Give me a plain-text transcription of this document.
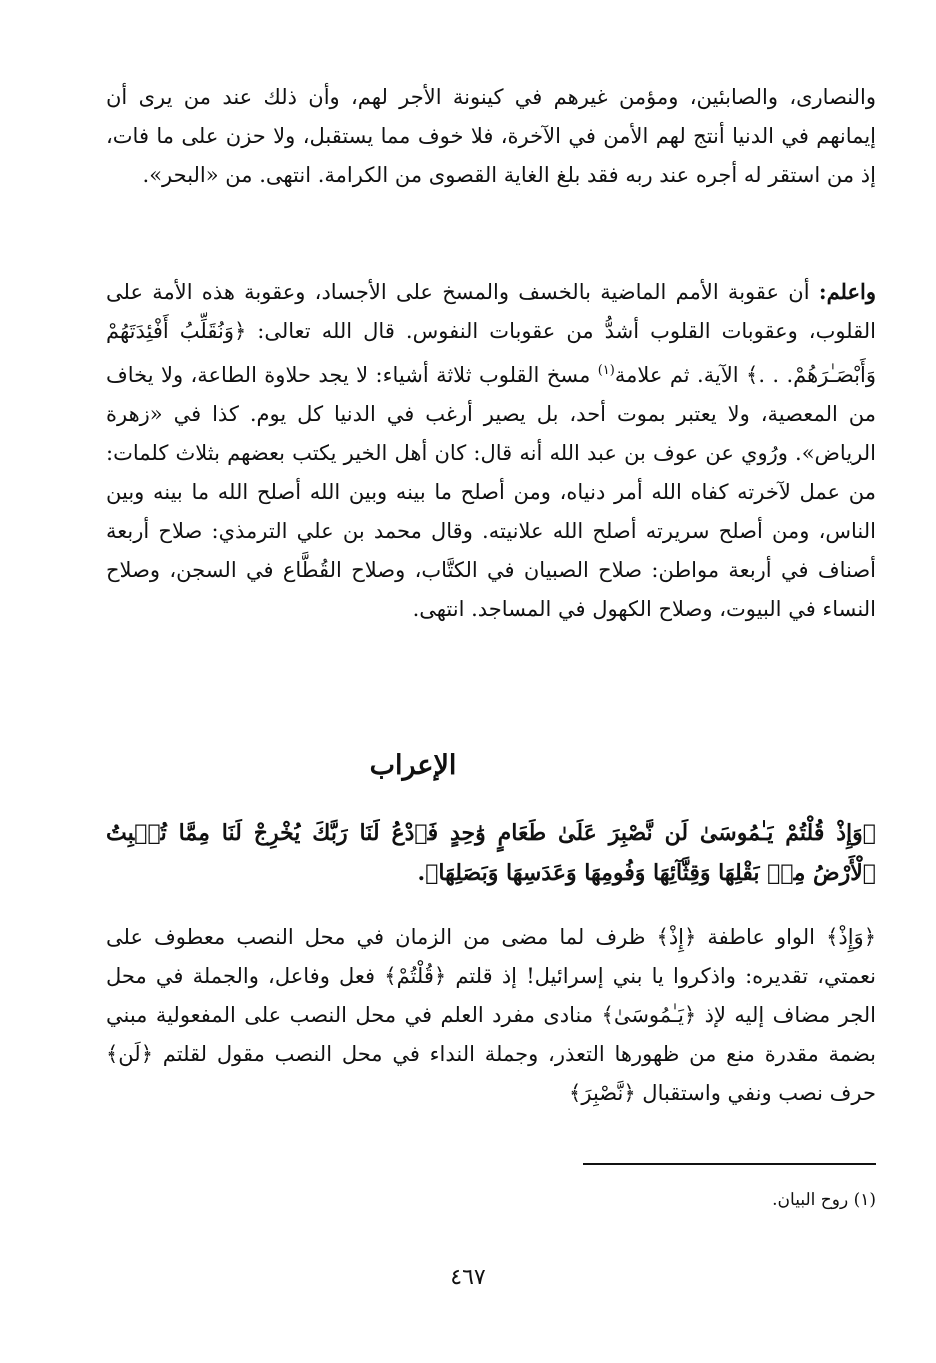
والنصارى، والصابئين، ومؤمن غيرهم في كينونة الأجر لهم، وأن ذلك عند من يرى أن إيمانهم في الدنيا أنتج لهم الأمن في الآخرة، فلا خوف مما يستقبل، ولا حزن على ما فات، إذ من استقر له أجره عند ربه فقد بلغ الغاية القصوى من الكرامة. انتهى. من «البحر».
واعلم: أن عقوبة الأمم الماضية بالخسف والمسخ على الأجساد، وعقوبة هذه الأمة على القلوب، وعقوبات القلوب أشدُّ من عقوبات النفوس. قال الله تعالى: ﴿وَنُقَلِّبُ أَفْئِدَتَهُمْ وَأَبْصَـٰرَهُمْ. . .﴾ الآية. ثم علامة$^{(١)}$ مسخ القلوب ثلاثة أشياء: لا يجد حلاوة الطاعة، ولا يخاف من المعصية، ولا يعتبر بموت أحد، بل يصير أرغب في الدنيا كل يوم. كذا في «زهرة الرياض». ورُوي عن عوف بن عبد الله أنه قال: كان أهل الخير يكتب بعضهم بثلاث كلمات: من عمل لآخرته كفاه الله أمر دنياه، ومن أصلح ما بينه وبين الله أصلح الله ما بينه وبين الناس، ومن أصلح سريرته أصلح الله علانيته. وقال محمد بن علي الترمذي: صلاح أربعة أصناف في أربعة مواطن: صلاح الصبيان في الكتَّاب، وصلاح القُطَّاع في السجن، وصلاح النساء في البيوت، وصلاح الكهول في المساجد. انتهى.
الإعراب
﴿وَإِذْ قُلْتُمْ يَـٰمُوسَىٰ لَن نَّصْبِرَ عَلَىٰ طَعَامٍ وَٰحِدٍ فَٱدْعُ لَنَا رَبَّكَ يُخْرِجْ لَنَا مِمَّا تُنۢبِتُ ٱلْأَرْضُ مِنۢ بَقْلِهَا وَقِثَّآئِهَا وَفُومِهَا وَعَدَسِهَا وَبَصَلِهَا﴾.
﴿وَإِذْ﴾ الواو عاطفة ﴿إِذْ﴾ ظرف لما مضى من الزمان في محل النصب معطوف على نعمتي، تقديره: واذكروا يا بني إسرائيل! إذ قلتم ﴿قُلْتُمْ﴾ فعل وفاعل، والجملة في محل الجر مضاف إليه لإذ ﴿يَـٰمُوسَىٰ﴾ منادى مفرد العلم في محل النصب على المفعولية مبني بضمة مقدرة منع من ظهورها التعذر، وجملة النداء في محل النصب مقول لقلتم ﴿لَن﴾ حرف نصب ونفي واستقبال ﴿نَّصْبِرَ﴾
(١) روح البيان.
٤٦٧
